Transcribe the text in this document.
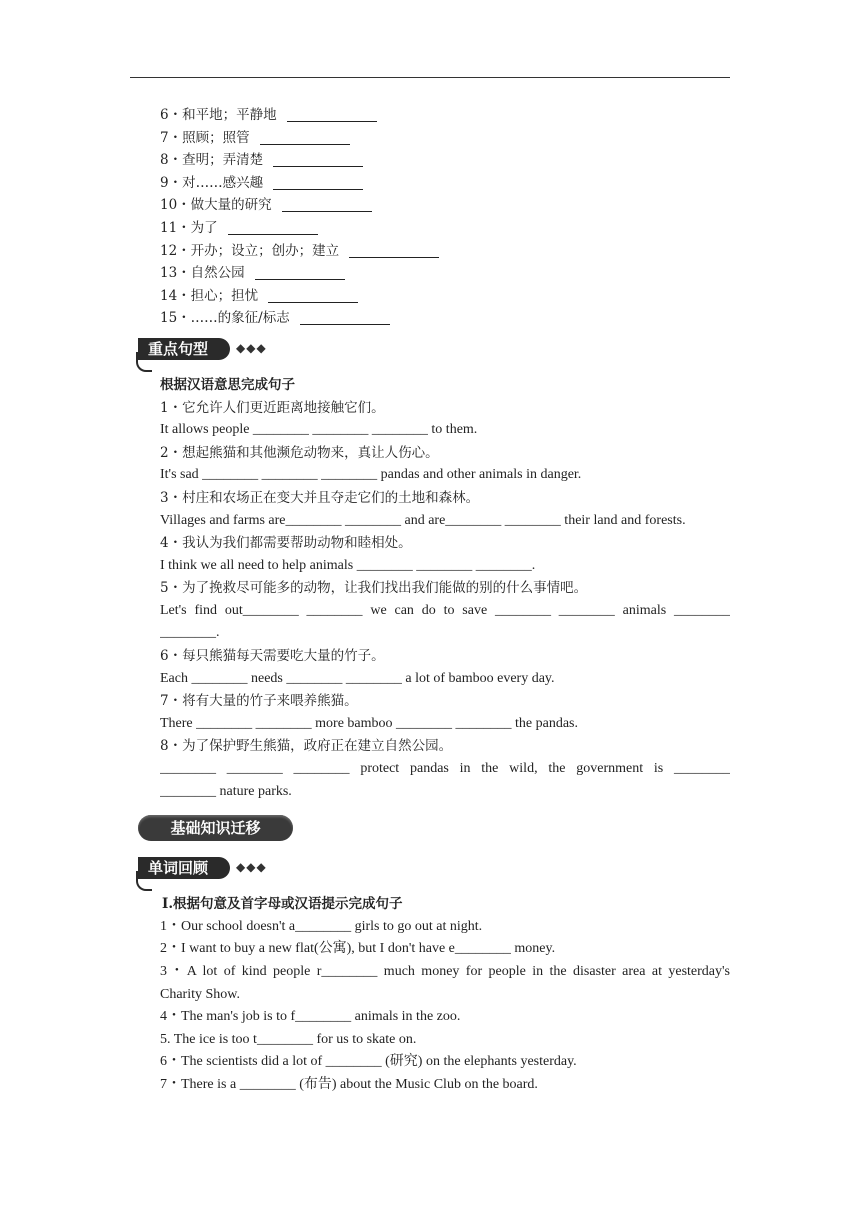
6・和平地；平静地
7・照顾；照管
8・查明；弄清楚
9・对……感兴趣
10・做大量的研究
11・为了
12・开办；设立；创办；建立
13・自然公园
14・担心；担忧
15・……的象征/标志
重点句型	◆◆◆
根据汉语意思完成句子
1・它允许人们更近距离地接触它们。
It allows people ________ ________ ________ to them.
2・想起熊猫和其他濒危动物来，真让人伤心。
It's sad ________ ________ ________ pandas and other animals in danger.
3・村庄和农场正在变大并且夺走它们的土地和森林。
Villages and farms are________ ________ and are________ ________ their land and forests.
4・我认为我们都需要帮助动物和睦相处。
I think we all need to help animals ________ ________ ________.
5・为了挽救尽可能多的动物，让我们找出我们能做的别的什么事情吧。
Let's find out________ ________ we can do to save ________ ________ animals ________
________.
6・每只熊猫每天需要吃大量的竹子。
Each ________ needs ________ ________ a lot of bamboo every day.
7・将有大量的竹子来喂养熊猫。
There ________ ________ more bamboo ________ ________ the pandas.
8・为了保护野生熊猫，政府正在建立自然公园。
________ ________ ________ protect pandas in the wild, the government is ________
________ nature parks.
基础知识迁移
单词回顾	◆◆◆
Ⅰ.根据句意及首字母或汉语提示完成句子
1・Our school doesn't a________ girls to go out at night.
2・I want to buy a new flat(公寓), but I don't have e________ money.
3・A lot of kind people r________ much money for people in the disaster area at yesterday's
Charity Show.
4・The man's job is to f________ animals in the zoo.
5. The ice is too t________ for us to skate on.
6・The scientists did a lot of ________ (研究) on the elephants yesterday.
7・There is a ________ (布告) about the Music Club on the board.
